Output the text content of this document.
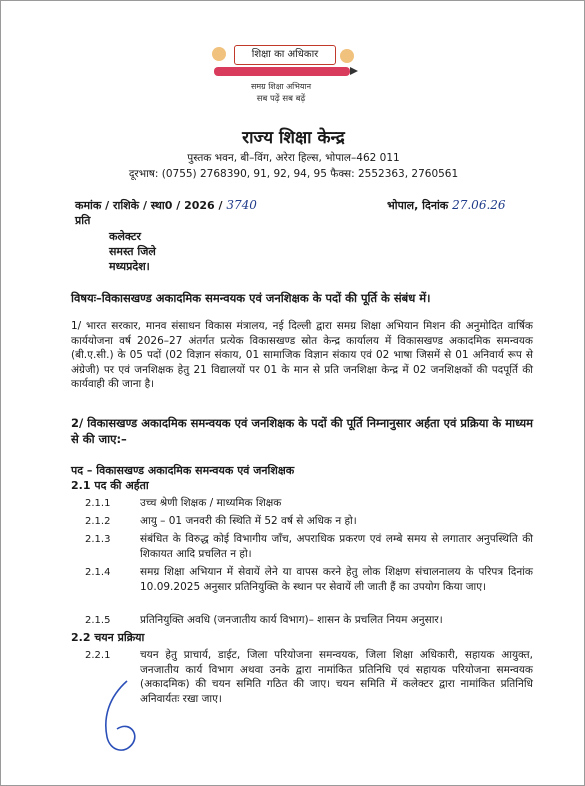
शिक्षा का अधिकार
समग्र शिक्षा अभियान
सब पढ़ें सब बढ़ें
राज्य शिक्षा केन्द्र
पुस्तक भवन, बी–विंग, अरेरा हिल्स, भोपाल–462 011
दूरभाष: (0755) 2768390, 91, 92, 94, 95 फैक्स: 2552363, 2760561
कमांक / राशिके / स्था0 / 2026 / 3740	भोपाल, दिनांक 27.06.26
प्रति
कलेक्टर
समस्त जिले
मध्यप्रदेश।
विषयः–विकासखण्ड अकादमिक समन्वयक एवं जनशिक्षक के पदों की पूर्ति के संबंध में।
1/ भारत सरकार, मानव संसाधन विकास मंत्रालय, नई दिल्ली द्वारा समग्र शिक्षा अभियान मिशन की अनुमोदित वार्षिक कार्ययोजना वर्ष 2026–27 अंतर्गत प्रत्येक विकासखण्ड स्रोत केन्द्र कार्यालय में विकासखण्ड अकादमिक समन्वयक (बी.ए.सी.) के 05 पदों (02 विज्ञान संकाय, 01 सामाजिक विज्ञान संकाय एवं 02 भाषा जिसमें से 01 अनिवार्य रूप से अंग्रेजी) पर एवं जनशिक्षक हेतु 21 विद्यालयों पर 01 के मान से प्रति जनशिक्षा केन्द्र में 02 जनशिक्षकों की पदपूर्ति की कार्यवाही की जाना है।
2/ विकासखण्ड अकादमिक समन्वयक एवं जनशिक्षक के पदों की पूर्ति निम्नानुसार अर्हता एवं प्रक्रिया के माध्यम से की जाए:–
पद – विकासखण्ड अकादमिक समन्वयक एवं जनशिक्षक
2.1 पद की अर्हता
2.1.1	उच्च श्रेणी शिक्षक / माध्यमिक शिक्षक
2.1.2	आयु – 01 जनवरी की स्थिति में 52 वर्ष से अधिक न हो।
2.1.3	संबंधित के विरुद्ध कोई विभागीय जाँच, अपराधिक प्रकरण एवं लम्बे समय से लगातार अनुपस्थिति की शिकायत आदि प्रचलित न हो।
2.1.4	समग्र शिक्षा अभियान में सेवायें लेने या वापस करने हेतु लोक शिक्षण संचालनालय के परिपत्र दिनांक 10.09.2025 अनुसार प्रतिनियुक्ति के स्थान पर सेवायें ली जाती हैं का उपयोग किया जाए।
2.1.5	प्रतिनियुक्ति अवधि (जनजातीय कार्य विभाग)– शासन के प्रचलित नियम अनुसार।
2.2 चयन प्रक्रिया
2.2.1	चयन हेतु प्राचार्य, डाईट, जिला परियोजना समन्वयक, जिला शिक्षा अधिकारी, सहायक आयुक्त, जनजातीय कार्य विभाग अथवा उनके द्वारा नामांकित प्रतिनिधि एवं सहायक परियोजना समन्वयक (अकादमिक) की चयन समिति गठित की जाए। चयन समिति में कलेक्टर द्वारा नामांकित प्रतिनिधि अनिवार्यतः रखा जाए।
